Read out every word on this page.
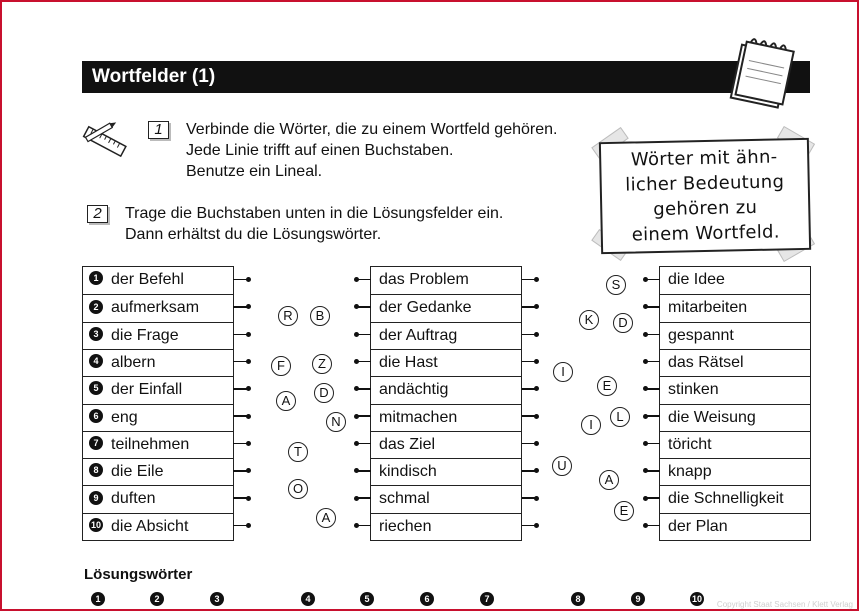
Wortfelder (1)
1	Verbinde die Wörter, die zu einem Wortfeld gehören.
Jede Linie trifft auf einen Buchstaben.
Benutze ein Lineal.
2	Trage die Buchstaben unten in die Lösungsfelder ein.
Dann erhältst du die Lösungswörter.
Wörter mit ähn-
licher Bedeutung
gehören zu
einem Wortfeld.
1 der Befehl
2 aufmerksam
3 die Frage
4 albern
5 der Einfall
6 eng
7 teilnehmen
8 die Eile
9 duften
10 die Absicht
das Problem
der Gedanke
der Auftrag
die Hast
andächtig
mitmachen
das Ziel
kindisch
schmal
riechen
die Idee
mitarbeiten
gespannt
das Rätsel
stinken
die Weisung
töricht
knapp
die Schnelligkeit
der Plan
R	B
F	Z
A
D
N
T
O
A
S
K	D
I
E
I
L
U
A
E
Lösungswörter
1	2	3	4	5	6	7	8	9	10
Copyright Staat Sachsen / Klett Verlag
